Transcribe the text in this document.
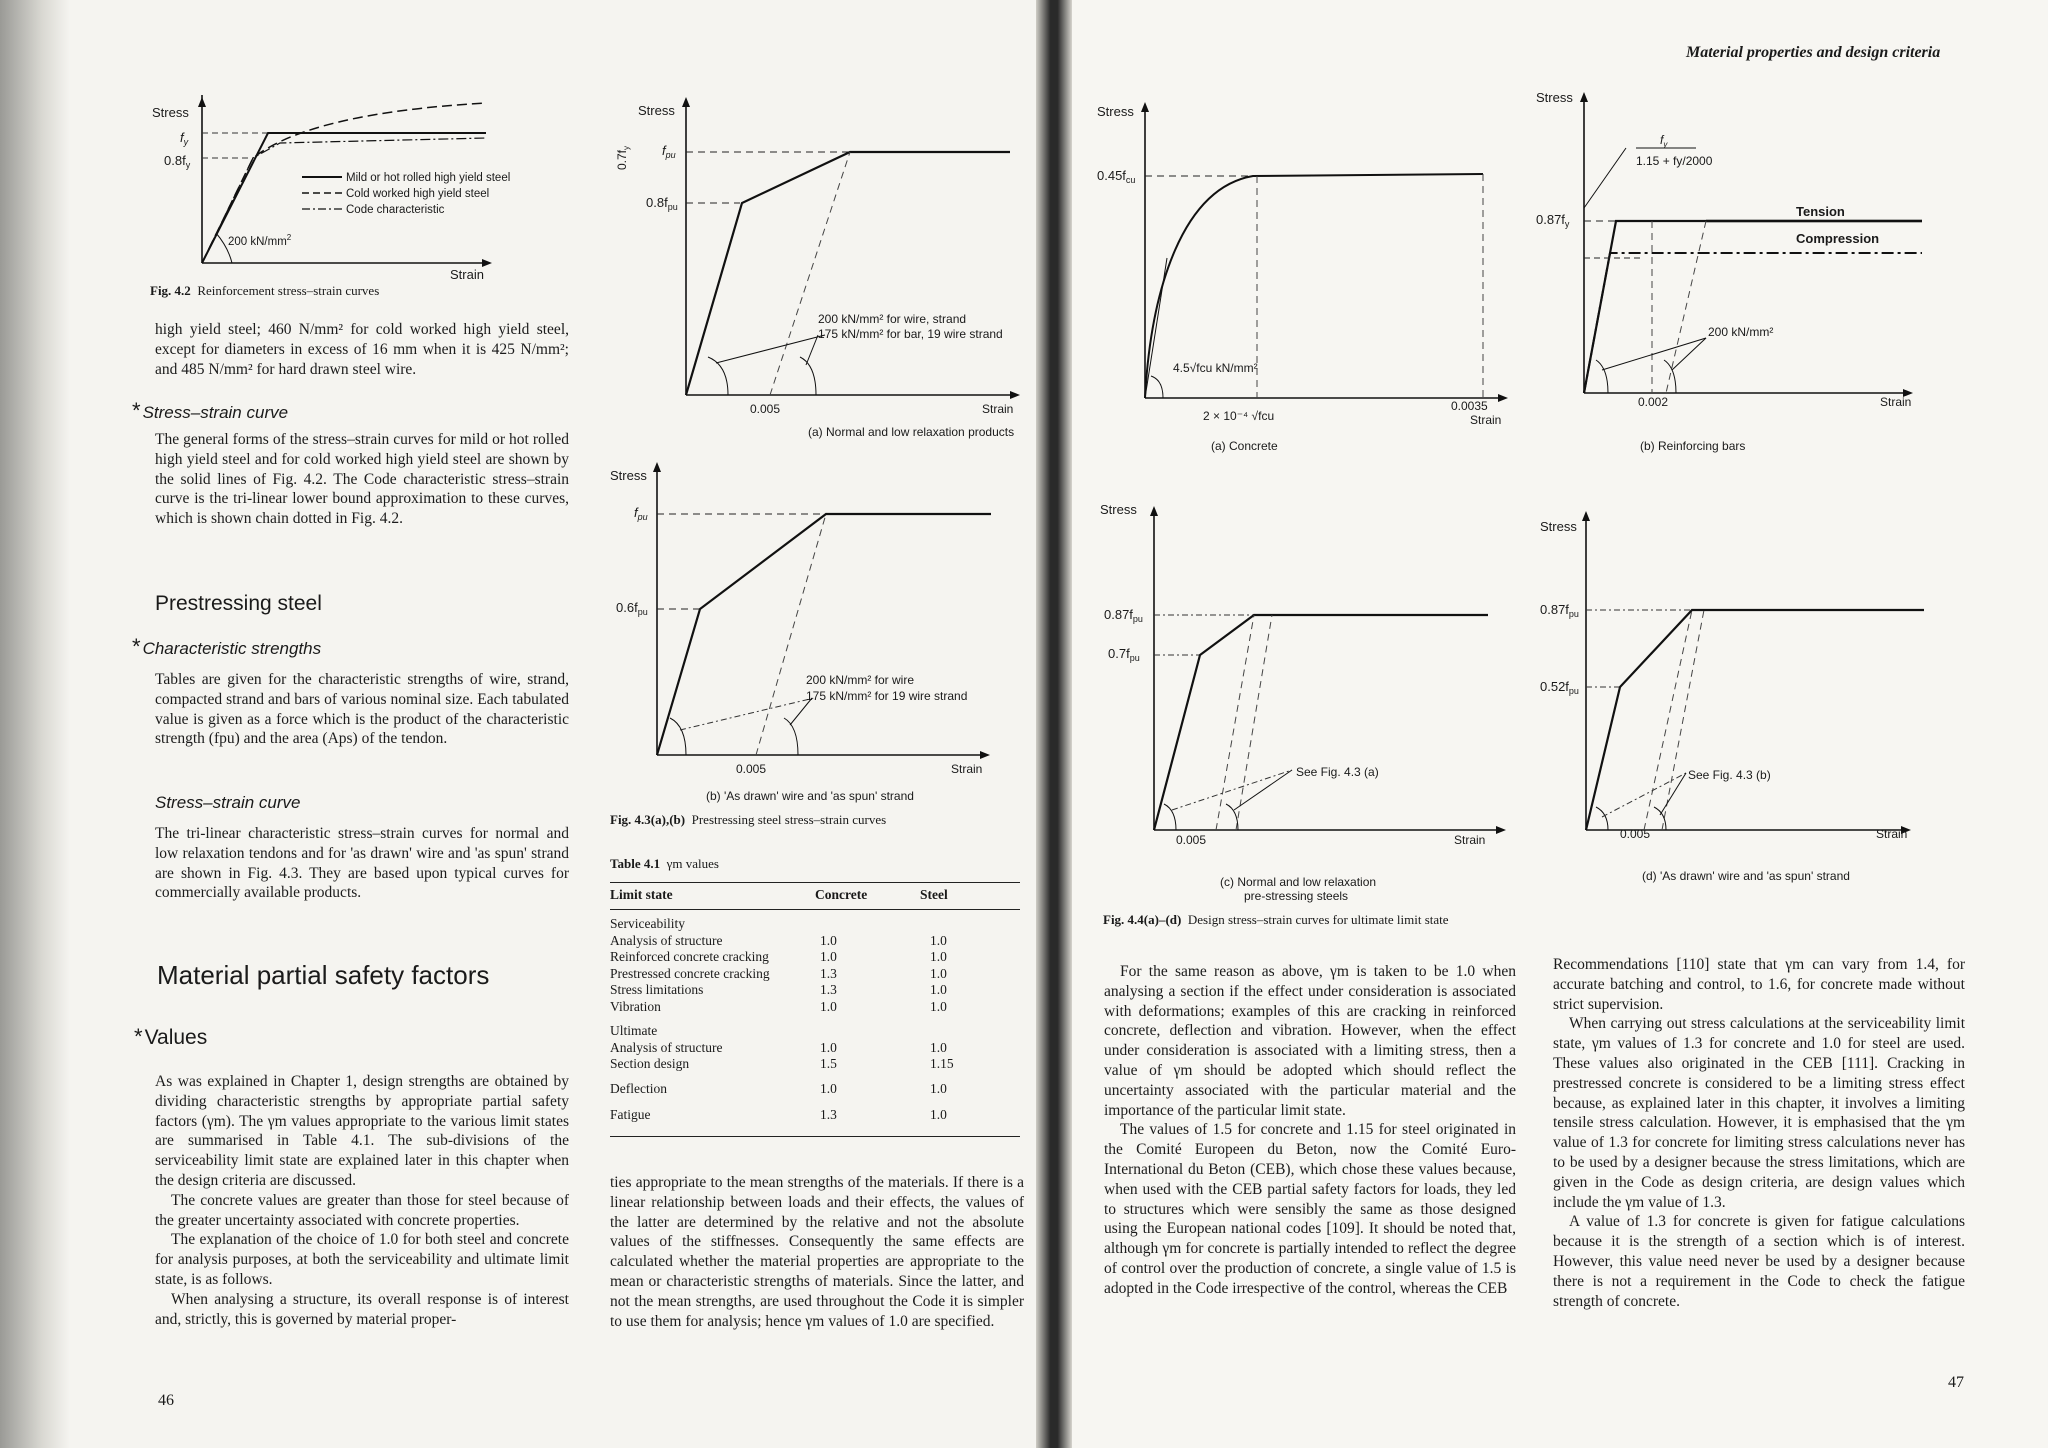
Stress
$f_y$
$0.8f_y$
Mild or hot rolled high yield steel
Cold worked high yield steel
Code characteristic
200 $kN/mm^2$
Strain
Fig. 4.2 Reinforcement stress–strain curves

high yield steel; 460 N/mm² for cold worked high yield steel, except for diameters in excess of 16 mm when it is 425 N/mm²; and 485 N/mm² for hard drawn steel wire.

* Stress–strain curve

The general forms of the stress–strain curves for mild or hot rolled high yield steel and for cold worked high yield steel are shown by the solid lines of Fig. 4.2. The Code characteristic stress–strain curve is the tri-linear lower bound approximation to these curves, which is shown chain dotted in Fig. 4.2.

Prestressing steel
* Characteristic strengths

Tables are given for the characteristic strengths of wire, strand, compacted strand and bars of various nominal size. Each tabulated value is given as a force which is the product of the characteristic strength (fpu) and the area (Aps) of the tendon.

Stress–strain curve

The tri-linear characteristic stress–strain curves for normal and low relaxation tendons and for 'as drawn' wire and 'as spun' strand are shown in Fig. 4.3. They are based upon typical curves for commercially available products.

Material partial safety factors
*Values

As was explained in Chapter 1, design strengths are obtained by dividing characteristic strengths by appropriate partial safety factors (γm). The γm values appropriate to the various limit states are summarised in Table 4.1. The sub-divisions of the serviceability limit state are explained later in this chapter when the design criteria are discussed.

The concrete values are greater than those for steel because of the greater uncertainty associated with concrete properties.

The explanation of the choice of 1.0 for both steel and concrete for analysis purposes, at both the serviceability and ultimate limit state, is as follows.

When analysing a structure, its overall response is of interest and, strictly, this is governed by material proper-

46
$0.7f_y$
Stress
$f_{pu}$
$0.8f_{pu}$
200 kN/mm² for wire, strand
175 kN/mm² for bar, 19 wire strand
0.005	Strain
(a) Normal and low relaxation products
Stress
$f_{pu}$
$0.6f_{pu}$
200 kN/mm² for wire
175 kN/mm² for 19 wire strand
0.005	Strain
(b) 'As drawn' wire and 'as spun' strand
Fig. 4.3(a),(b) Prestressing steel stress–strain curves
Table 4.1 γm values
Limit state	Concrete	Steel
Serviceability		
Analysis of structure	1.0	1.0
Reinforced concrete cracking	1.0	1.0
Prestressed concrete cracking	1.3	1.0
Stress limitations	1.3	1.0
Vibration	1.0	1.0
Ultimate		
Analysis of structure	1.0	1.0
Section design	1.5	1.15
Deflection	1.0	1.0
Fatigue	1.3	1.0

ties appropriate to the mean strengths of the materials. If there is a linear relationship between loads and their effects, the values of the latter are determined by the relative and not the absolute values of the stiffnesses. Consequently the same effects are calculated whether the material properties are appropriate to the mean or characteristic strengths of materials. Since the latter, and not the mean strengths, are used throughout the Code it is simpler to use them for analysis; hence γm values of 1.0 are specified.

Material properties and design criteria
Stress
$0.45f_{cu}$
4.5√fcu kN/mm²
2 × 10⁻⁴ √fcu
0.0035
Strain
(a) Concrete
Stress
$f_y$
1.15 + fy/2000
$0.87f_y$
Tension
Compression
200 kN/mm²
0.002	Strain
(b) Reinforcing bars
Stress
$0.87f_{pu}$
$0.7f_{pu}$
See Fig. 4.3 (a)
0.005	Strain
(c) Normal and low relaxation
pre-stressing steels
Stress
$0.87f_{pu}$
$0.52f_{pu}$
See Fig. 4.3 (b)
0.005	Strain
(d) 'As drawn' wire and 'as spun' strand
Fig. 4.4(a)–(d) Design stress–strain curves for ultimate limit state

For the same reason as above, γm is taken to be 1.0 when analysing a section if the effect under consideration is associated with deformations; examples of this are cracking in reinforced concrete, deflection and vibration. However, when the effect under consideration is associated with a limiting stress, then a value of γm should be adopted which should reflect the uncertainty associated with the particular material and the importance of the particular limit state.

The values of 1.5 for concrete and 1.15 for steel originated in the Comité Europeen du Beton, now the Comité Euro-International du Beton (CEB), which chose these values because, when used with the CEB partial safety factors for loads, they led to structures which were sensibly the same as those designed using the European national codes [109]. It should be noted that, although γm for concrete is partially intended to reflect the degree of control over the production of concrete, a single value of 1.5 is adopted in the Code irrespective of the control, whereas the CEB

Recommendations [110] state that γm can vary from 1.4, for accurate batching and control, to 1.6, for concrete made without strict supervision.

When carrying out stress calculations at the serviceability limit state, γm values of 1.3 for concrete and 1.0 for steel are used. These values also originated in the CEB [111]. Cracking in prestressed concrete is considered to be a limiting stress effect because, as explained later in this chapter, it involves a limiting tensile stress calculation. However, it is emphasised that the γm value of 1.3 for concrete for limiting stress calculations never has to be used by a designer because the stress limitations, which are given in the Code as design criteria, are design values which include the γm value of 1.3.

A value of 1.3 for concrete is given for fatigue calculations because it is the strength of a section which is of interest. However, this value need never be used by a designer because there is not a requirement in the Code to check the fatigue strength of concrete.

47
